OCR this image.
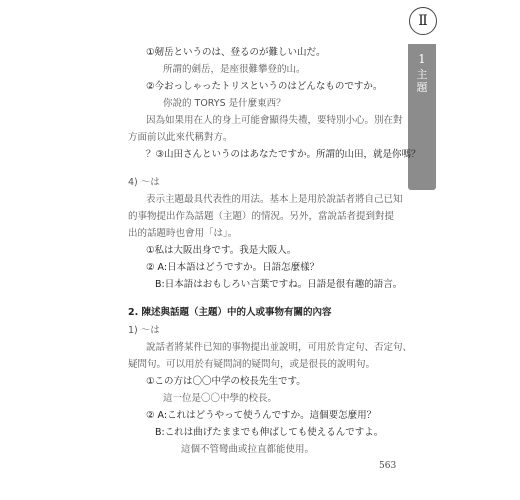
Ⅱ
1
主題
①剱岳というのは、登るのが難しい山だ。
所謂的劍岳，是座很難攀登的山。
②今おっしゃったトリスというのはどんなものですか。
你說的 TORYS 是什麼東西？
因為如果用在人的身上可能會顯得失禮，要特別小心。別在對
方面前以此來代稱對方。
？③山田さんというのはあなたですか。所謂的山田，就是你嗎？
4) ～は
表示主題最具代表性的用法。基本上是用於說話者將自己已知
的事物提出作為話題（主題）的情況。另外，當說話者提到對提
出的話題時也會用「は」。
①私は大阪出身です。我是大阪人。
② A:日本語はどうですか。日語怎麼樣？
B:日本語はおもしろい言葉ですね。日語是很有趣的語言。
2. 陳述與話題（主題）中的人或事物有關的內容
1) ～は
說話者將某件已知的事物提出並說明，可用於肯定句、否定句、
疑問句。可以用於有疑問詞的疑問句，或是很長的說明句。
①この方は〇〇中学の校長先生です。
這一位是〇〇中學的校長。
② A:これはどうやって使うんですか。這個要怎麼用？
B:これは曲げたままでも伸ばしても使えるんですよ。
這個不管彎曲或拉直都能使用。
563
